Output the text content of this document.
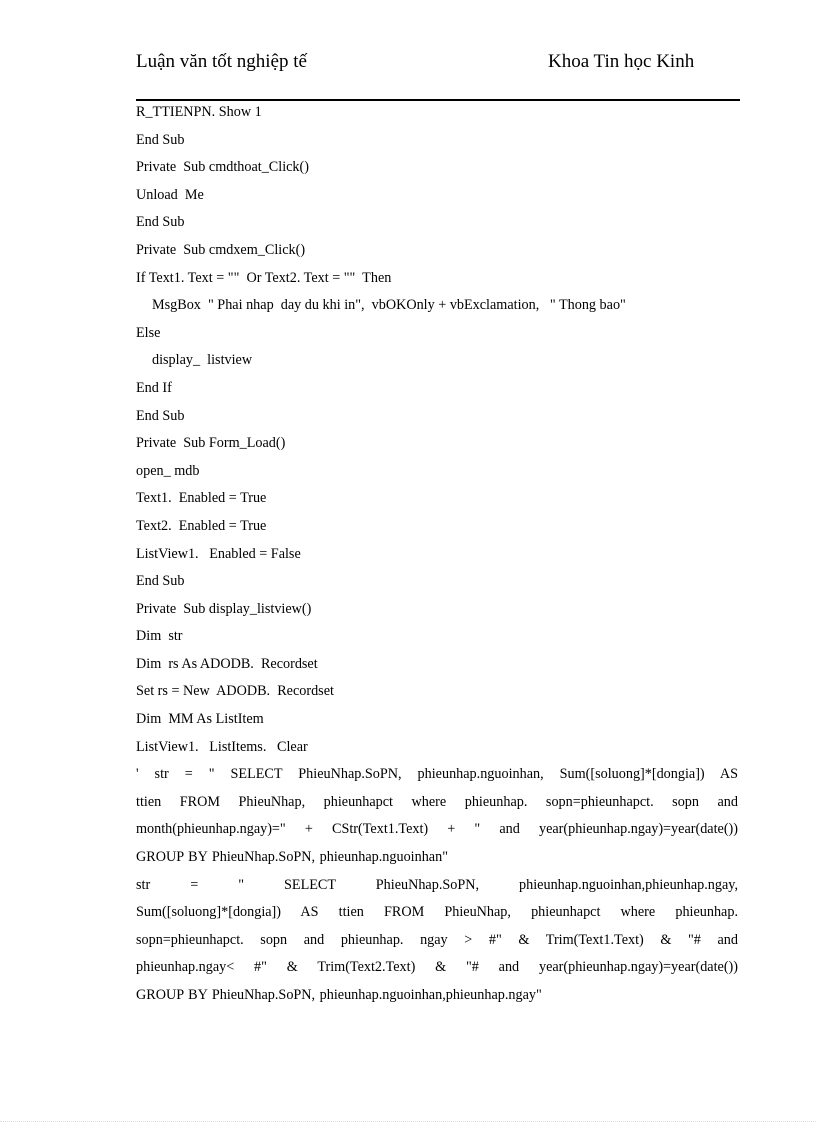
Luận văn tốt nghiệp tế	Khoa Tin học Kinh
R_TTIENPN. Show 1
End Sub
Private  Sub cmdthoat_Click()
Unload  Me
End Sub
Private  Sub cmdxem_Click()
If Text1. Text = ""  Or Text2. Text = ""  Then
MsgBox  " Phai nhap  day du khi in",  vbOKOnly + vbExclamation,   " Thong bao"
Else
display_  listview
End If
End Sub
Private  Sub Form_Load()
open_ mdb
Text1.  Enabled = True
Text2.  Enabled = True
ListView1.   Enabled = False
End Sub
Private  Sub display_listview()
Dim  str
Dim  rs As ADODB.  Recordset
Set rs = New  ADODB.  Recordset
Dim  MM As ListItem
ListView1.   ListItems.   Clear
' str = " SELECT PhieuNhap.SoPN, phieunhap.nguoinhan, Sum([soluong]*[dongia]) AS
ttien FROM PhieuNhap, phieunhapct where phieunhap. sopn=phieunhapct. sopn and
month(phieunhap.ngay)=" + CStr(Text1.Text) + " and year(phieunhap.ngay)=year(date())
GROUP BY PhieuNhap.SoPN, phieunhap.nguoinhan"
str = " SELECT PhieuNhap.SoPN, phieunhap.nguoinhan,phieunhap.ngay,
Sum([soluong]*[dongia]) AS ttien FROM PhieuNhap, phieunhapct where phieunhap.
sopn=phieunhapct. sopn and phieunhap. ngay > #" & Trim(Text1.Text) & "# and
phieunhap.ngay< #" & Trim(Text2.Text) & "# and year(phieunhap.ngay)=year(date())
GROUP BY PhieuNhap.SoPN, phieunhap.nguoinhan,phieunhap.ngay"
